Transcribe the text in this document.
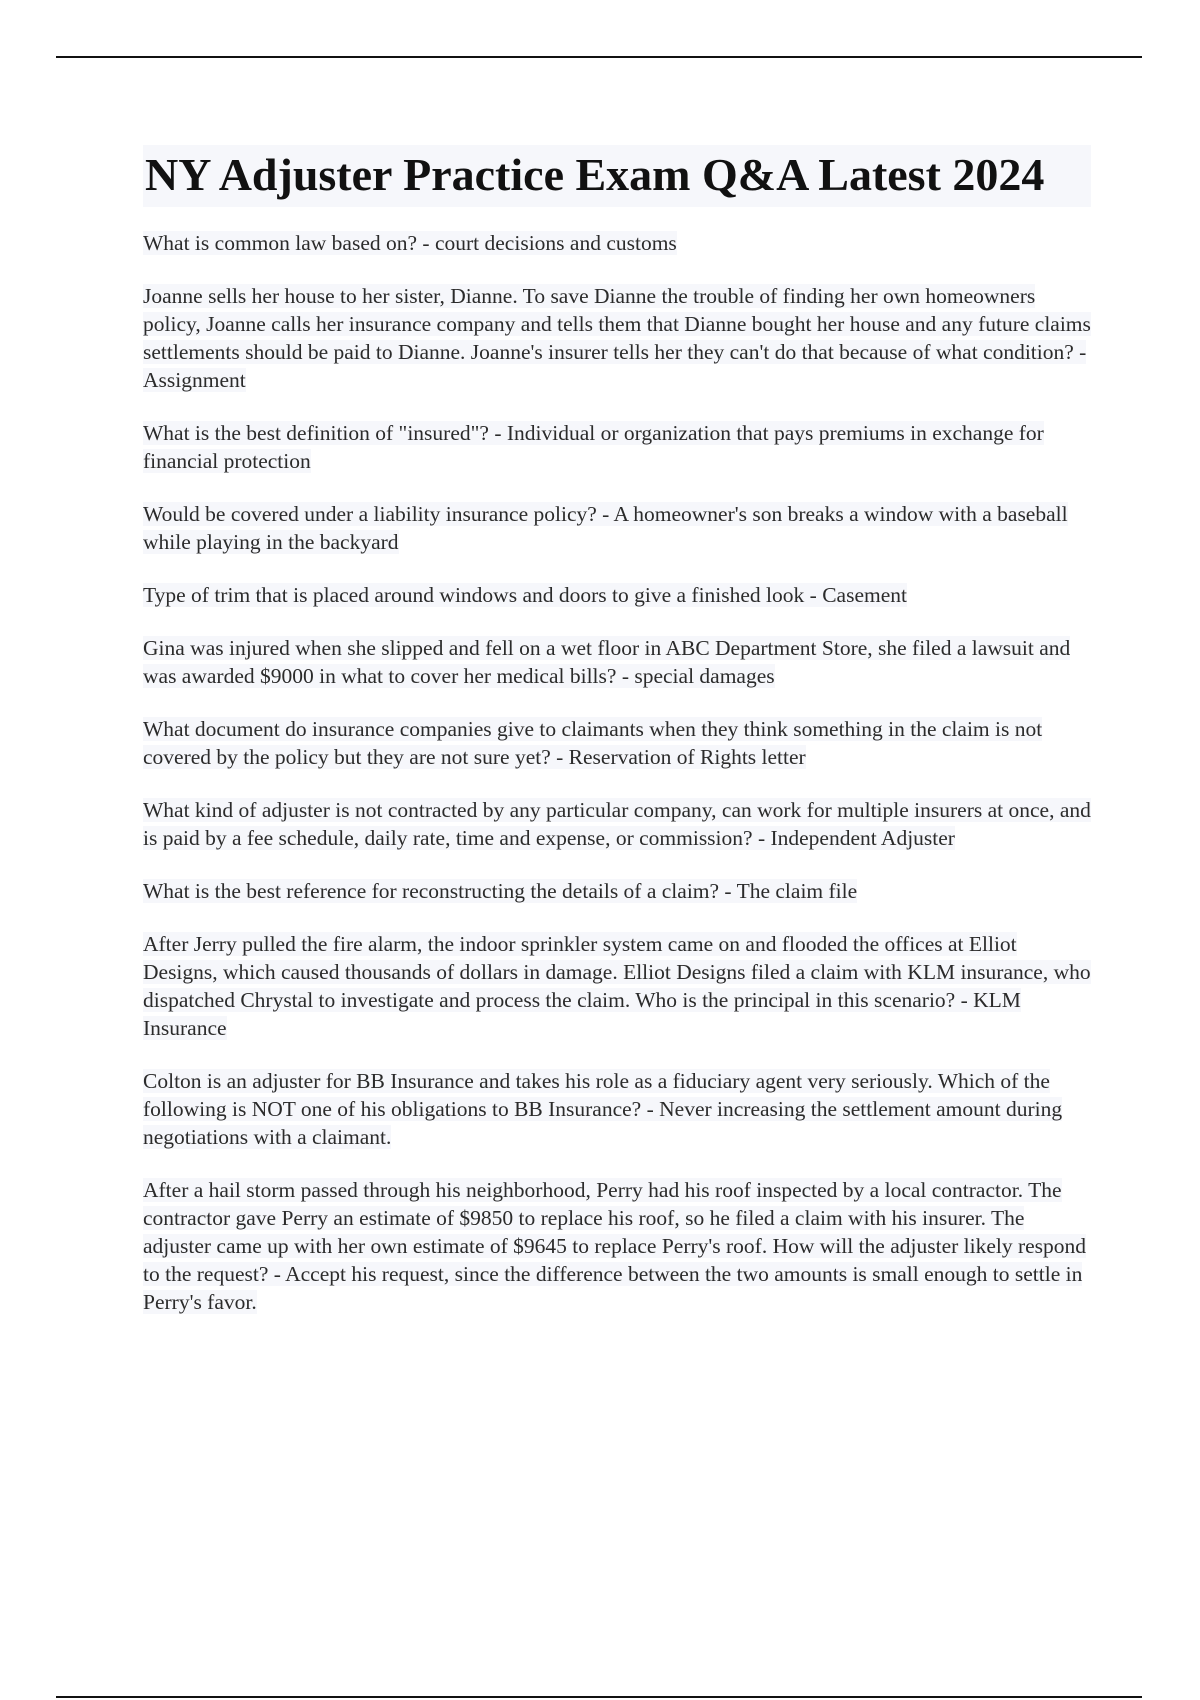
NY Adjuster Practice Exam Q&A Latest 2024
What is common law based on? - court decisions and customs
Joanne sells her house to her sister, Dianne. To save Dianne the trouble of finding her own homeowners policy, Joanne calls her insurance company and tells them that Dianne bought her house and any future claims settlements should be paid to Dianne. Joanne's insurer tells her they can't do that because of what condition? - Assignment
What is the best definition of "insured"? - Individual or organization that pays premiums in exchange for financial protection
Would be covered under a liability insurance policy? - A homeowner's son breaks a window with a baseball while playing in the backyard
Type of trim that is placed around windows and doors to give a finished look - Casement
Gina was injured when she slipped and fell on a wet floor in ABC Department Store, she filed a lawsuit and was awarded $9000 in what to cover her medical bills? - special damages
What document do insurance companies give to claimants when they think something in the claim is not covered by the policy but they are not sure yet? - Reservation of Rights letter
What kind of adjuster is not contracted by any particular company, can work for multiple insurers at once, and is paid by a fee schedule, daily rate, time and expense, or commission? - Independent Adjuster
What is the best reference for reconstructing the details of a claim? - The claim file
After Jerry pulled the fire alarm, the indoor sprinkler system came on and flooded the offices at Elliot Designs, which caused thousands of dollars in damage. Elliot Designs filed a claim with KLM insurance, who dispatched Chrystal to investigate and process the claim. Who is the principal in this scenario? - KLM Insurance
Colton is an adjuster for BB Insurance and takes his role as a fiduciary agent very seriously. Which of the following is NOT one of his obligations to BB Insurance? - Never increasing the settlement amount during negotiations with a claimant.
After a hail storm passed through his neighborhood, Perry had his roof inspected by a local contractor. The contractor gave Perry an estimate of $9850 to replace his roof, so he filed a claim with his insurer. The adjuster came up with her own estimate of $9645 to replace Perry's roof. How will the adjuster likely respond to the request? - Accept his request, since the difference between the two amounts is small enough to settle in Perry's favor.
